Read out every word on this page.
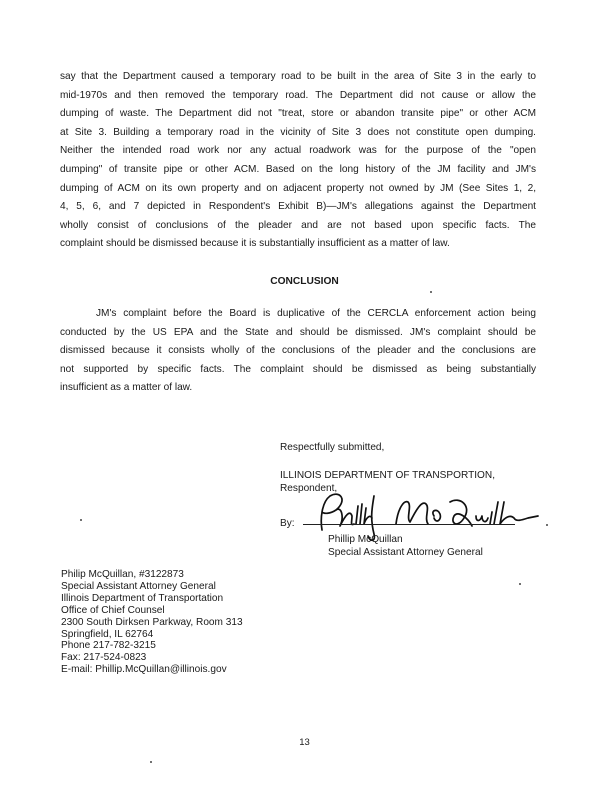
say that the Department caused a temporary road to be built in the area of Site 3 in the early to
mid-1970s and then removed the temporary road. The Department did not cause or allow the
dumping of waste. The Department did not "treat, store or abandon transite pipe" or other ACM
at Site 3. Building a temporary road in the vicinity of Site 3 does not constitute open dumping.
Neither the intended road work nor any actual roadwork was for the purpose of the "open
dumping" of transite pipe or other ACM. Based on the long history of the JM facility and JM's
dumping of ACM on its own property and on adjacent property not owned by JM (See Sites 1, 2,
4, 5, 6, and 7 depicted in Respondent's Exhibit B)—JM's allegations against the Department
wholly consist of conclusions of the pleader and are not based upon specific facts. The
complaint should be dismissed because it is substantially insufficient as a matter of law.
CONCLUSION
JM's complaint before the Board is duplicative of the CERCLA enforcement action being
conducted by the US EPA and the State and should be dismissed. JM's complaint should be
dismissed because it consists wholly of the conclusions of the pleader and the conclusions are
not supported by specific facts. The complaint should be dismissed as being substantially
insufficient as a matter of law.
Respectfully submitted,
ILLINOIS DEPARTMENT OF TRANSPORTION,
Respondent,
By:
Phillip McQuillan
Special Assistant Attorney General
Philip McQuillan, #3122873
Special Assistant Attorney General
Illinois Department of Transportation
Office of Chief Counsel
2300 South Dirksen Parkway, Room 313
Springfield, IL 62764
Phone 217-782-3215
Fax: 217-524-0823
E-mail: Phillip.McQuillan@illinois.gov
13
